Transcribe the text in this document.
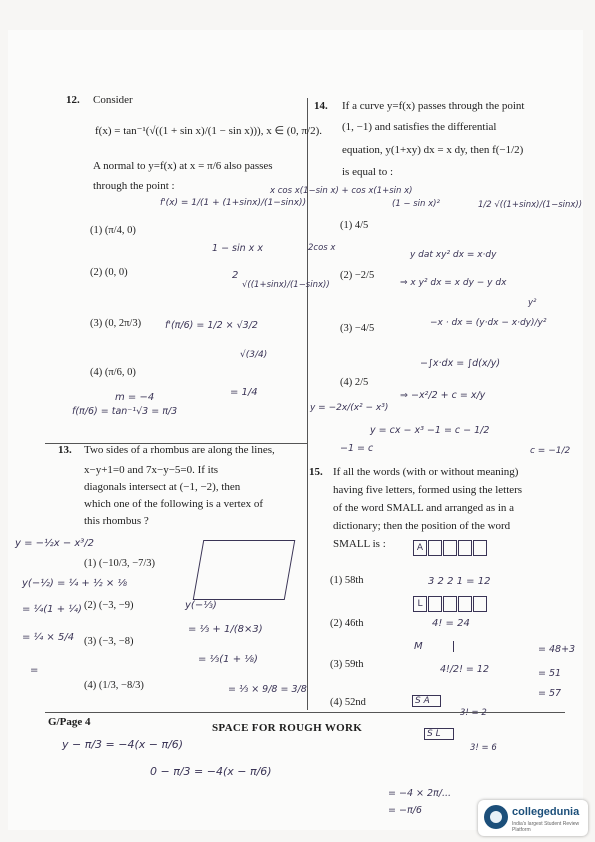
12. Consider
f(x) = tan⁻¹(√((1 + sin x)/(1 − sin x))), x ∈ (0, π/2).
A normal to y=f(x) at x = π/6 also passes
through the point :
(1) (π/4, 0)
(2) (0, 0)
(3) (0, 2π/3)
(4) (π/6, 0)
13. Two sides of a rhombus are along the lines,
x−y+1=0 and 7x−y−5=0. If its
diagonals intersect at (−1, −2), then
which one of the following is a vertex of
this rhombus ?
(1) (−10/3, −7/3)
(2) (−3, −9)
(3) (−3, −8)
(4) (1/3, −8/3)
14. If a curve y=f(x) passes through the point
(1, −1) and satisfies the differential
equation, y(1+xy) dx = x dy, then f(−1/2)
is equal to :
(1) 4/5
(2) −2/5
(3) −4/5
(4) 2/5
15. If all the words (with or without meaning)
having five letters, formed using the letters
of the word SMALL and arranged as in a
dictionary; then the position of the word
SMALL is :
(1) 58th
(2) 46th
(3) 59th
(4) 52nd
G/Page 4	SPACE FOR ROUGH WORK
f'(x) = 1/(1 + (1+sinx)/(1−sinx))
x cos x(1−sin x) + cos x(1+sin x)
(1 − sin x)²	1/2 √((1+sinx)/(1−sinx))
1 − sin x x	2cos x
2
√((1+sinx)/(1−sinx))
f'(π/6) = 1/2 × √3/2
√(3/4)
= 1/4
m = −4
f(π/6) = tan⁻¹√3 = π/3
y dat xy² dx = x·dy
⇒ x y² dx = x dy − y dx
y²
−x · dx = (y·dx − x·dy)/y²
−∫x·dx = ∫d(x/y)
⇒ −x²/2 + c = x/y
y = −2x/(x² − x³)
y = cx − x³ −1 = c − 1/2
c = −1/2
−1 = c
y = −½x − x³/2
y(−½) = ¼ + ½ × ⅛
= ¼(1 + ¼)
= ¼ × 5/4
=
y(−⅓)
= ⅓ + 1/(8×3)
= ⅓(1 + ⅛)
= ⅓ × 9/8 = 3/8
A
3 2 2 1 = 12
L
4! = 24
M
4!/2! = 12
= 48+3
= 51
= 57
S A
3! = 2
S L
3! = 6
y − π/3 = −4(x − π/6)
0 − π/3 = −4(x − π/6)
= −4 × 2π/...
= −π/6	collegedunia
India's largest Student Review Platform
